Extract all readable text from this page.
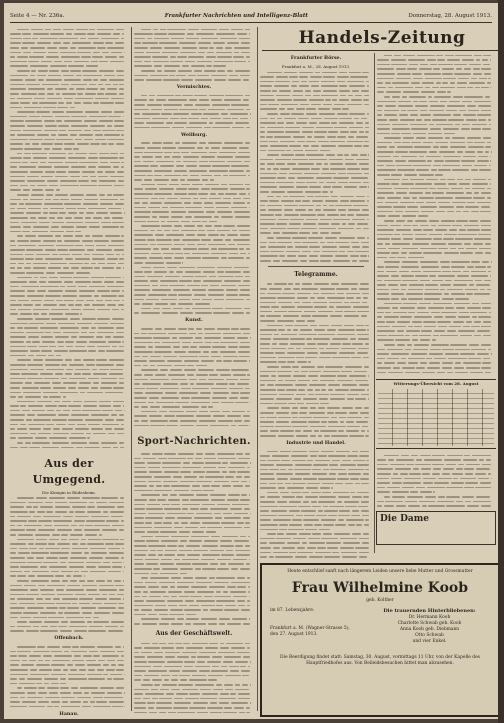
Seite 4 — Nr. 236a.	Frankfurter Nachrichten und Intelligenz-Blatt	Donnerstag, 28. August 1913.
Aus der Umgegend.
Die Königin in Rüdesheim.
Offenbach.
Hanau.
Vermischtes.
Weilburg.
Kunst.
Sport-Nachrichten.
Aus der Geschäftswelt.
Handels-Zeitung
Frankfurter Börse.
Frankfurt a. M., 28. August 1913.
Telegramme.
Industrie und Handel.
Witterungs-Übersicht vom 28. August
Die Dame
Heute entschlief sanft nach längerem Leiden unsere liebe Mutter und Grossmutter
Frau Wilhelmine Koob
geb. Kolther
im 87. Lebensjahre.
Frankfurt a. M. (Wagner-Strasse 5), den 27. August 1913.
Die trauernden Hinterbliebenen:
Dr. Hermann Koob
Charlotte Schwab geb. Koob
Anna Koob geb. Diebmann
Otto Schwab
und vier Enkel.
Die Beerdigung findet statt: Samstag, 30. August, vormittags 11 Uhr, von der Kapelle des Hauptfriedhofes aus. Von Beileidsbesuchen bittet man abzusehen.
